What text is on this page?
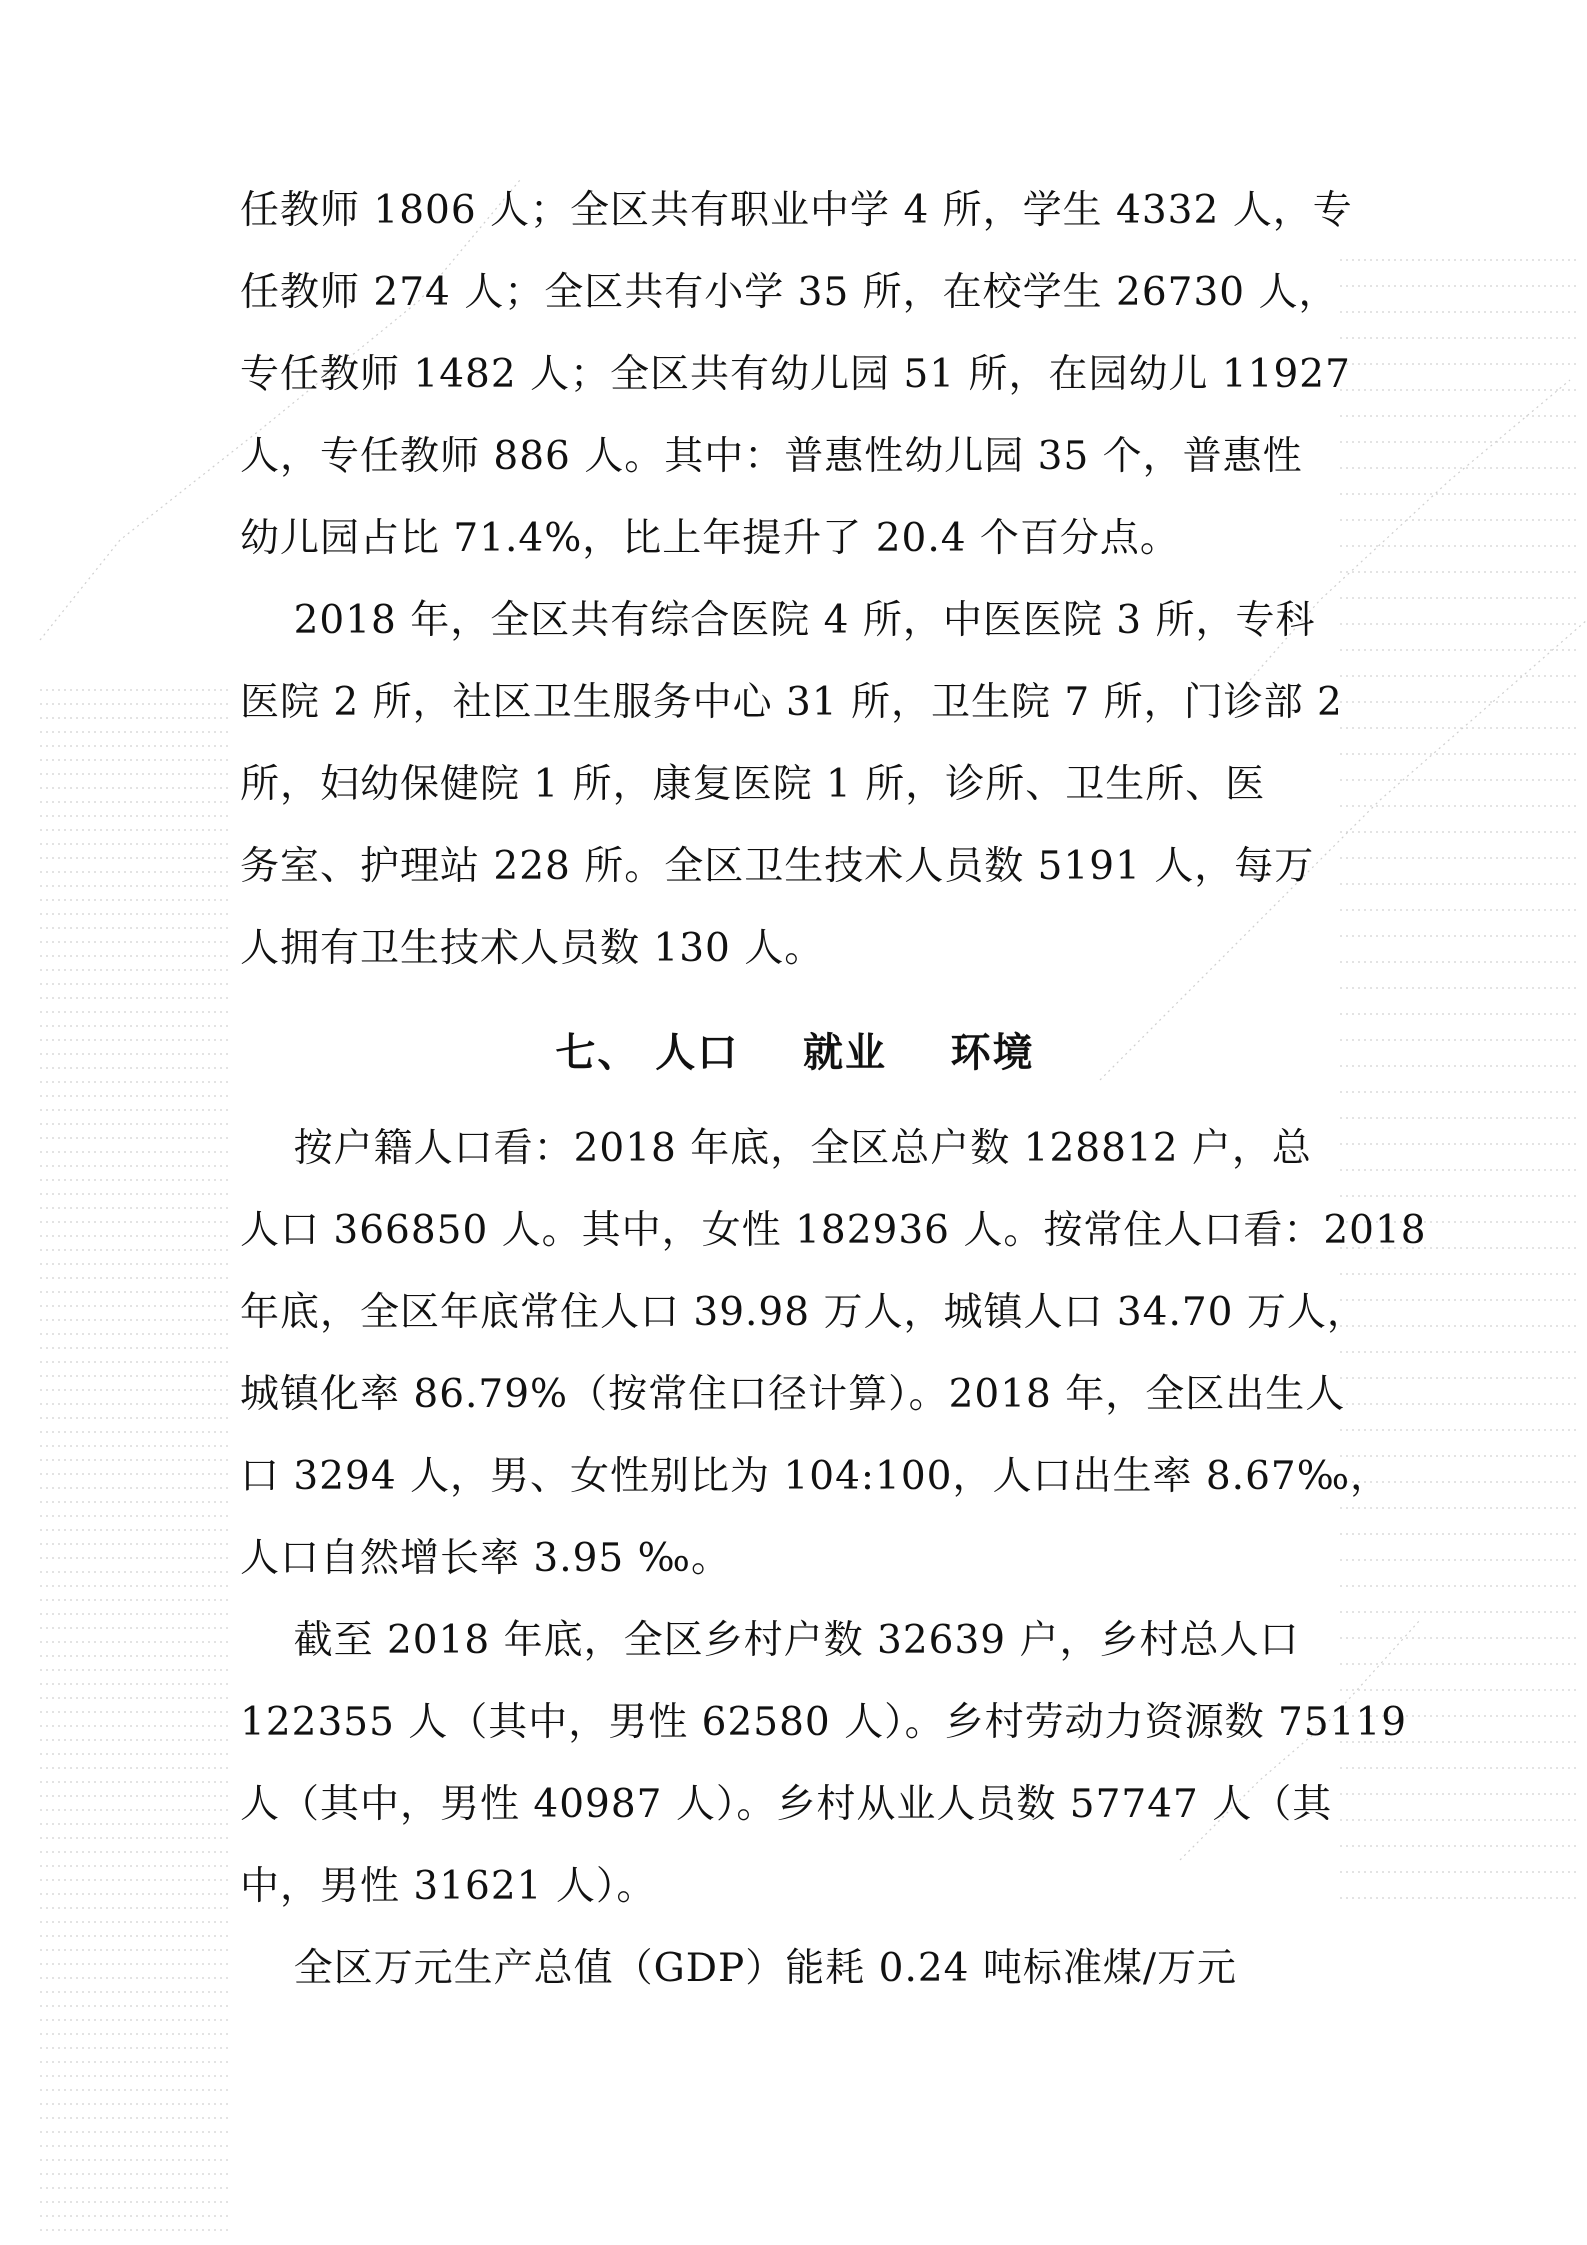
任教师 1806 人；全区共有职业中学 4 所，学生 4332 人，专
任教师 274 人；全区共有小学 35 所，在校学生 26730 人，
专任教师 1482 人；全区共有幼儿园 51 所，在园幼儿 11927
人，专任教师 886 人。其中：普惠性幼儿园 35 个，普惠性
幼儿园占比 71.4%，比上年提升了 20.4 个百分点。
2018 年，全区共有综合医院 4 所，中医医院 3 所，专科
医院 2 所，社区卫生服务中心 31 所，卫生院 7 所，门诊部 2
所，妇幼保健院 1 所，康复医院 1 所，诊所、卫生所、医
务室、护理站 228 所。全区卫生技术人员数 5191 人，每万
人拥有卫生技术人员数 130 人。
七、 人口    就业    环境
按户籍人口看：2018 年底，全区总户数 128812 户，总
人口 366850 人。其中，女性 182936 人。按常住人口看：2018
年底，全区年底常住人口 39.98 万人，城镇人口 34.70 万人，
城镇化率 86.79%（按常住口径计算）。2018 年，全区出生人
口 3294 人，男、女性别比为 104:100，人口出生率 8.67‰，
人口自然增长率 3.95 ‰。
截至 2018 年底，全区乡村户数 32639 户，乡村总人口
122355 人（其中，男性 62580 人）。乡村劳动力资源数 75119
人（其中，男性 40987 人）。乡村从业人员数 57747 人（其
中，男性 31621 人）。
全区万元生产总值（GDP）能耗 0.24 吨标准煤/万元
